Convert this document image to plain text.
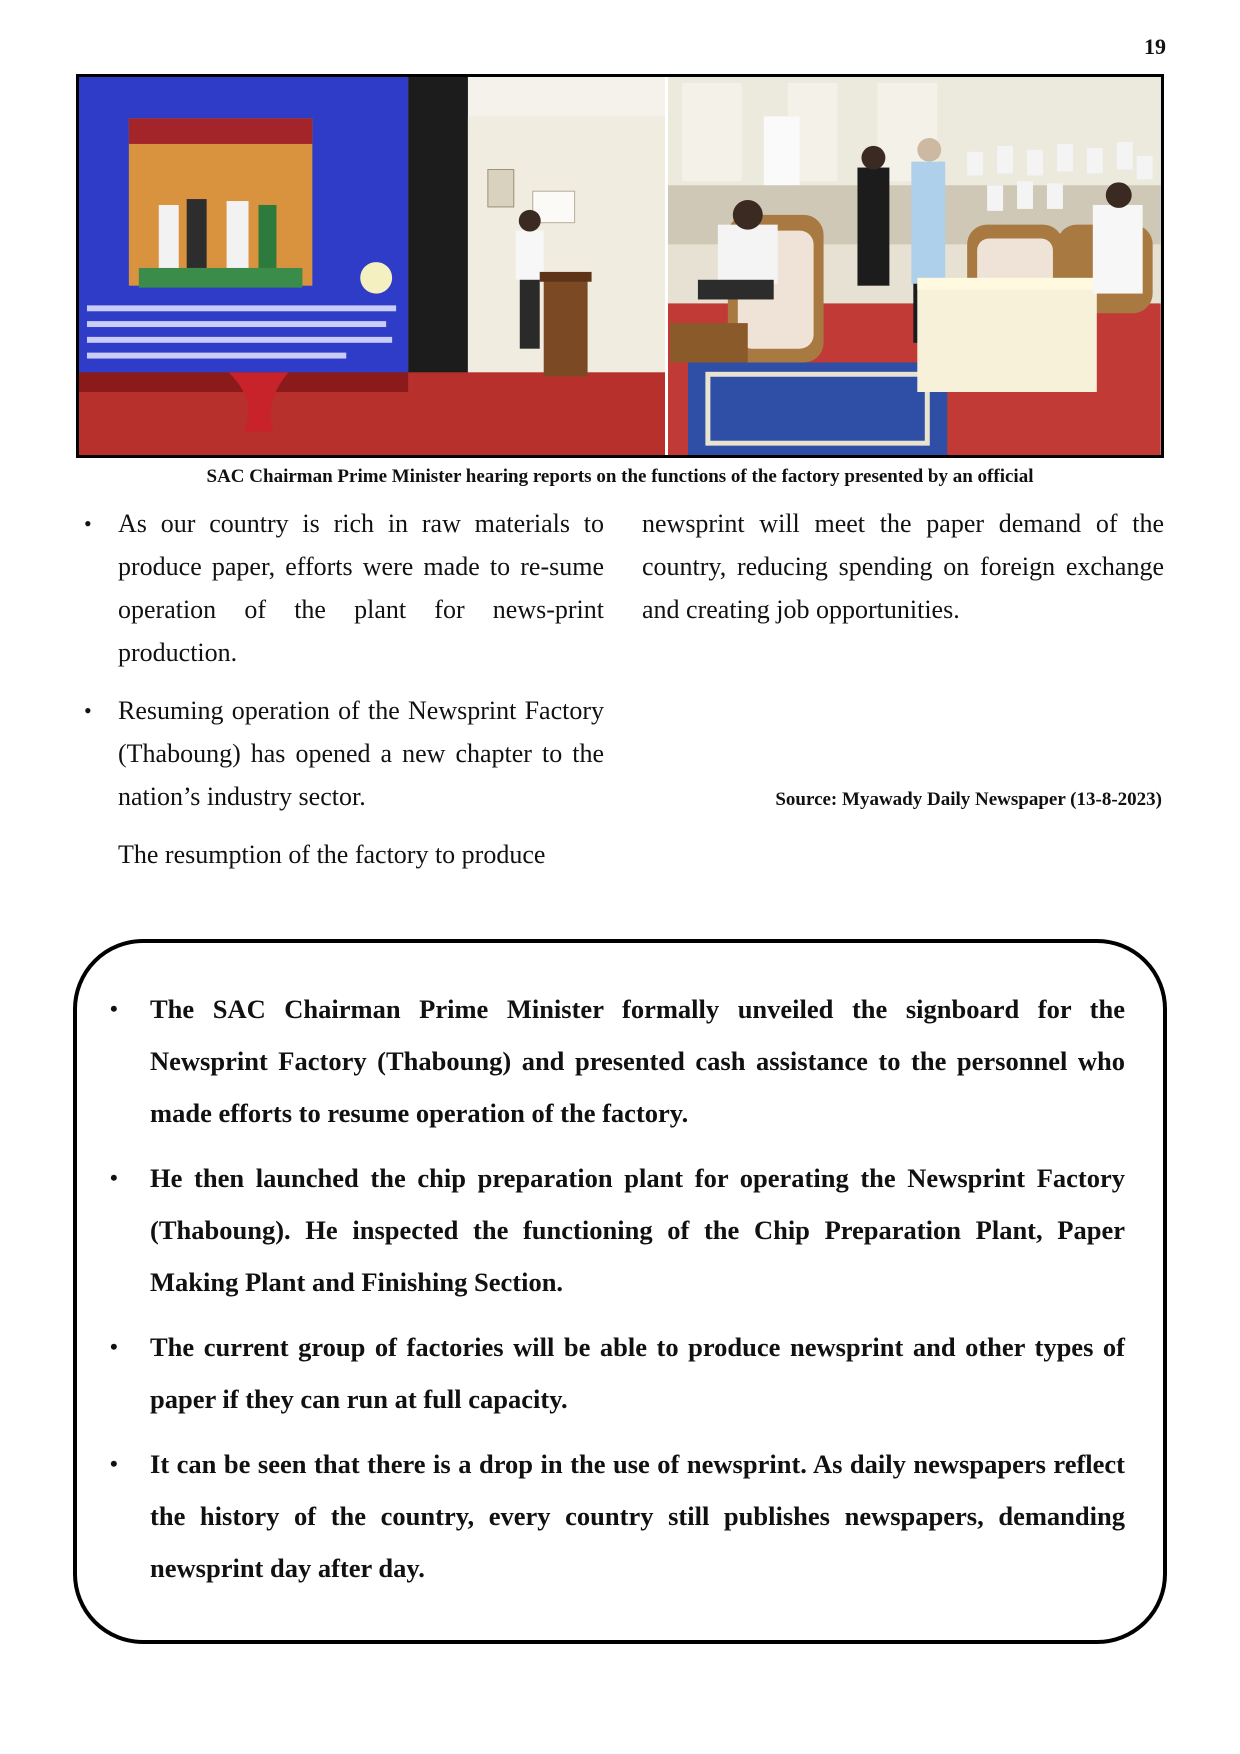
19
SAC Chairman Prime Minister hearing reports on the functions of the factory presented by an official
• As our country is rich in raw materials to produce paper, efforts were made to re-sume operation of the plant for news-print production.
• Resuming operation of the Newsprint Factory (Thaboung) has opened a new chapter to the nation’s industry sector.

The resumption of the factory to produce

newsprint will meet the paper demand of the country, reducing spending on foreign exchange and creating job opportunities.

Source: Myawady Daily Newspaper (13-8-2023)
• The SAC Chairman Prime Minister formally unveiled the signboard for the Newsprint Factory (Thaboung) and presented cash assistance to the personnel who made efforts to resume operation of the factory.
• He then launched the chip preparation plant for operating the Newsprint Factory (Thaboung). He inspected the functioning of the Chip Preparation Plant, Paper Making Plant and Finishing Section.
• The current group of factories will be able to produce newsprint and other types of paper if they can run at full capacity.
• It can be seen that there is a drop in the use of newsprint. As daily newspapers reflect the history of the country, every country still publishes newspapers, demanding newsprint day after day.
